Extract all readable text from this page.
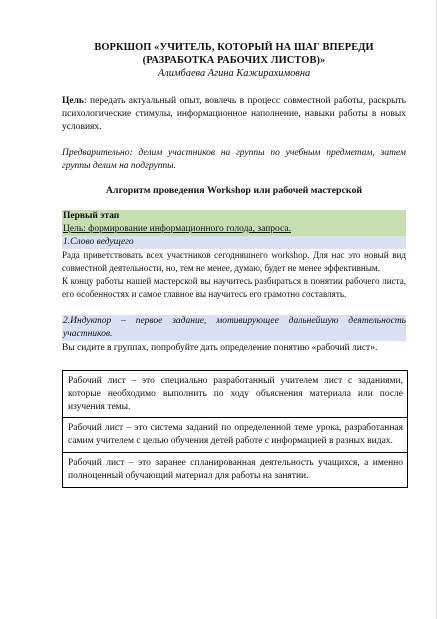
ВОРКШОП «УЧИТЕЛЬ, КОТОРЫЙ НА ШАГ ВПЕРЕДИ
(РАЗРАБОТКА РАБОЧИХ ЛИСТОВ)»
Алимбаева Агина Кажирахимовна
Цель: передать актуальный опыт, вовлечь в процесс совместной работы, раскрыть психологические стимулы, информационное наполнение, навыки работы в новых условиях.
Предварительно: делим участников на группы по учебным предметам, затем группы делим на подгруппы.
Алгоритм проведения Workshop или рабочей мастерской
Первый этап
Цель: формирование информационного голода, запроса.
1.Слово ведущего
Рада приветствовать всех участников сегодняшнего workshop. Для нас это новый вид совместной деятельности, но, тем не менее, думаю, будет не менее эффективным.
К концу работы нашей мастерской вы научитесь разбираться в понятии рабочего листа, его особенностях и самое главное вы научитесь его грамотно составлять.
2.Индуктор – первое задание, мотивирующее дальнейшую деятельность участников.
Вы сидите в группах, попробуйте дать определение понятию «рабочий лист».
Рабочий лист – это специально разработанный учителем лист с заданиями, которые необходимо выполнить по ходу объяснения материала или после изучения темы.
Рабочий лист – это система заданий по определенной теме урока, разработанная самим учителем с целью обучения детей работе с информацией в разных видах.
Рабочий лист – это заранее спланированная деятельность учащихся, а именно полноценный обучающий материал для работы на занятии.
